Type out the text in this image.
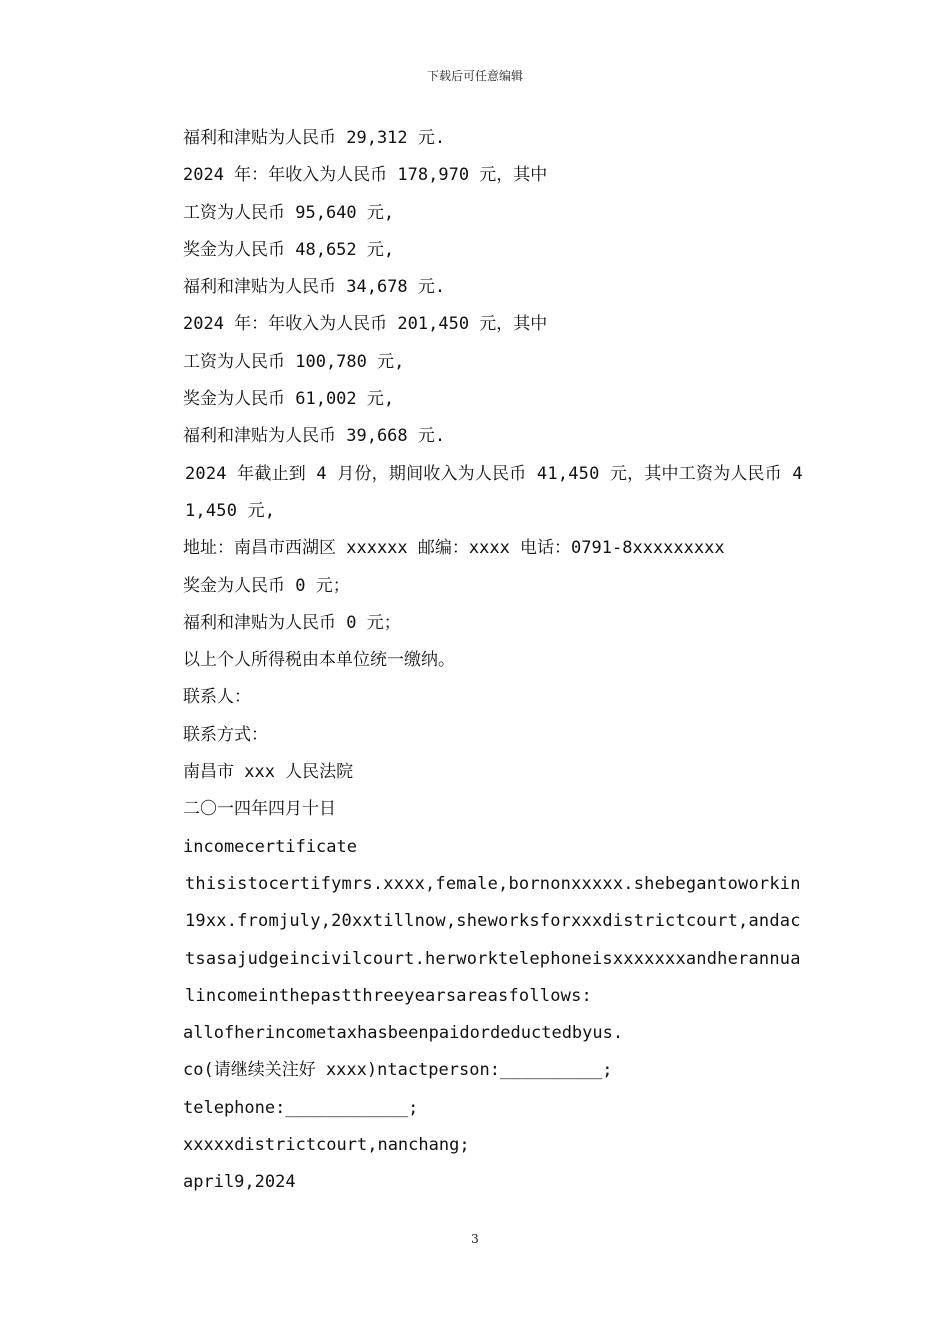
下载后可任意编辑

福利和津贴为人民币 29,312 元.

2024 年：年收入为人民币 178,970 元，其中

工资为人民币 95,640 元,

奖金为人民币 48,652 元,

福利和津贴为人民币 34,678 元.

2024 年：年收入为人民币 201,450 元，其中

工资为人民币 100,780 元,

奖金为人民币 61,002 元,

福利和津贴为人民币 39,668 元.

2024 年截止到 4 月份，期间收入为人民币 41,450 元，其中工资为人民币 41,450 元,

地址：南昌市西湖区 xxxxxx 邮编：xxxx 电话：0791-8xxxxxxxxx

奖金为人民币 0 元；

福利和津贴为人民币 0 元；

以上个人所得税由本单位统一缴纳。

联系人：

联系方式：

南昌市 xxx 人民法院

二〇一四年四月十日

incomecertificate

thisistocertifymrs.xxxx,female,bornonxxxxx.shebegantoworkin19xx.fromjuly,20xxtillnow,sheworksforxxxdistrictcourt,andactsasajudgeincivilcourt.herworktelephoneisxxxxxxxandherannualincomeinthepastthreeyearsareasfollows:

allofherincometaxhasbeenpaidordeductedbyus.

co(请继续关注好 xxxx)ntactperson:__________;

telephone:____________;

xxxxxdistrictcourt,nanchang;

april9,2024

3
